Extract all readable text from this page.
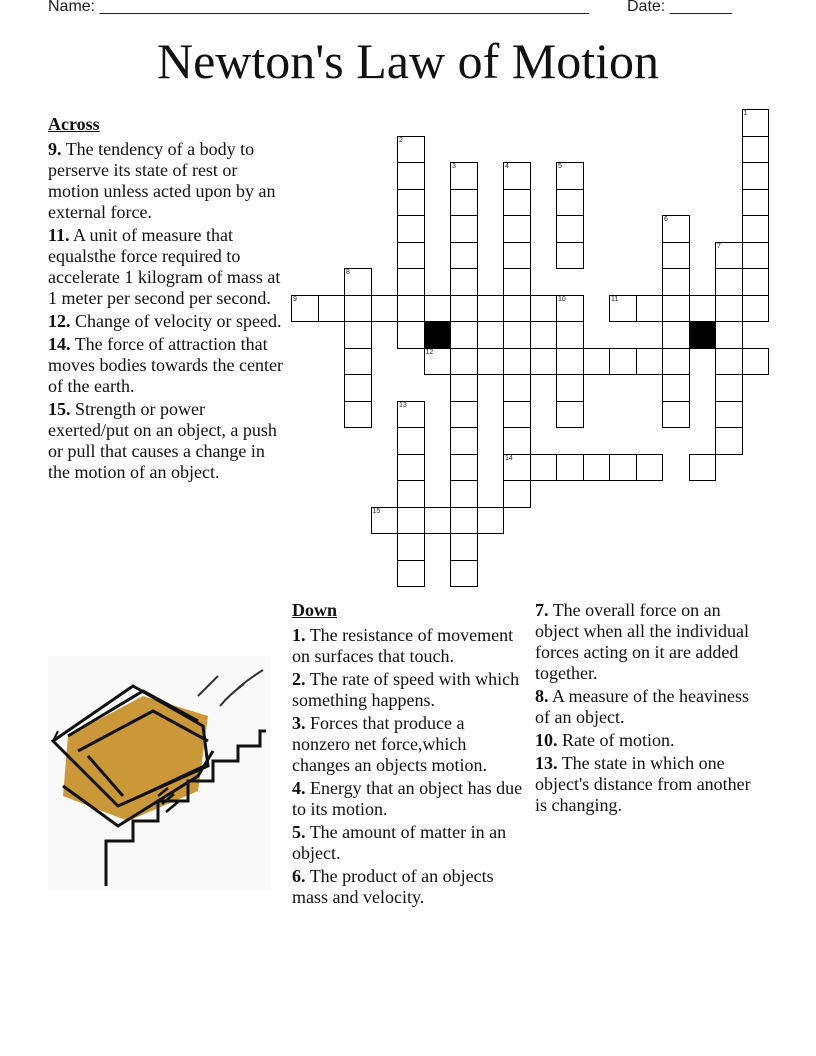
Name: _______________________________________________________ Date: _______
Newton's Law of Motion
1
2
3	4	5
6
7
8
9	10	11
12
13
14
15
Across
9. The tendency of a body to perserve its state of rest or motion unless acted upon by an external force.
11. A unit of measure that equalsthe force required to accelerate 1 kilogram of mass at 1 meter per second per second.
12. Change of velocity or speed.
14. The force of attraction that moves bodies towards the center of the earth.
15. Strength or power exerted/put on an object, a push or pull that causes a change in the motion of an object.
Down
1. The resistance of movement on surfaces that touch.
2. The rate of speed with which something happens.
3. Forces that produce a nonzero net force,which changes an objects motion.
4. Energy that an object has due to its motion.
5. The amount of matter in an object.
6. The product of an objects mass and velocity.
7. The overall force on an object when all the individual forces acting on it are added together.
8. A measure of the heaviness of an object.
10. Rate of motion.
13. The state in which one object's distance from another is changing.
